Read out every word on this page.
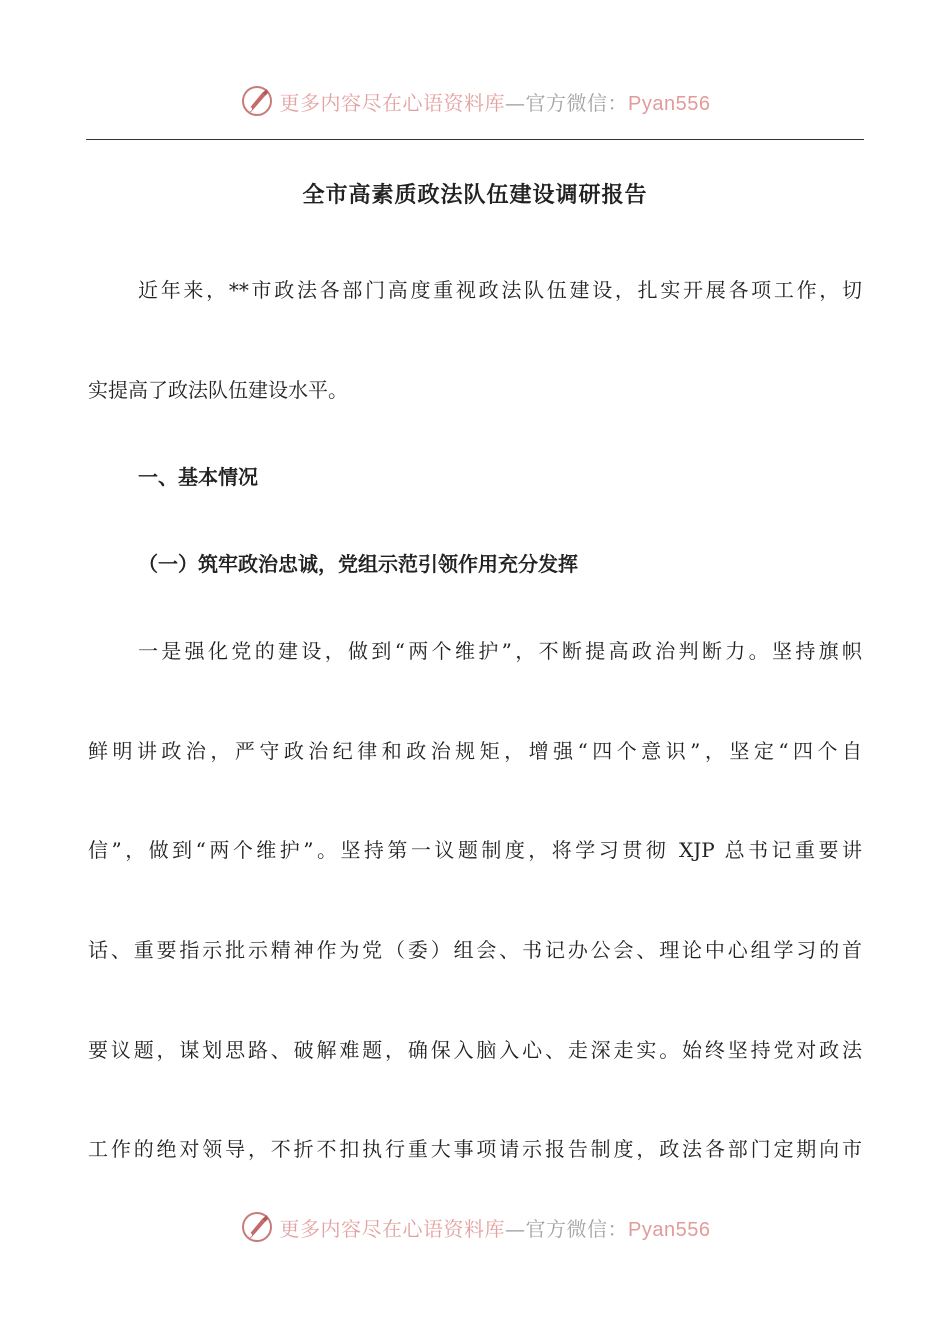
更多内容尽在心语资料库—官方微信：Pyan556
全市高素质政法队伍建设调研报告
近年来，**市政法各部门高度重视政法队伍建设，扎实开展各项工作，切
实提高了政法队伍建设水平。
一、基本情况
（一）筑牢政治忠诚，党组示范引领作用充分发挥
一是强化党的建设，做到“两个维护”，不断提高政治判断力。坚持旗帜
鲜明讲政治，严守政治纪律和政治规矩，增强“四个意识”，坚定“四个自
信”，做到“两个维护”。坚持第一议题制度，将学习贯彻 XJP 总书记重要讲
话、重要指示批示精神作为党（委）组会、书记办公会、理论中心组学习的首
要议题，谋划思路、破解难题，确保入脑入心、走深走实。始终坚持党对政法
工作的绝对领导，不折不扣执行重大事项请示报告制度，政法各部门定期向市
更多内容尽在心语资料库—官方微信：Pyan556
